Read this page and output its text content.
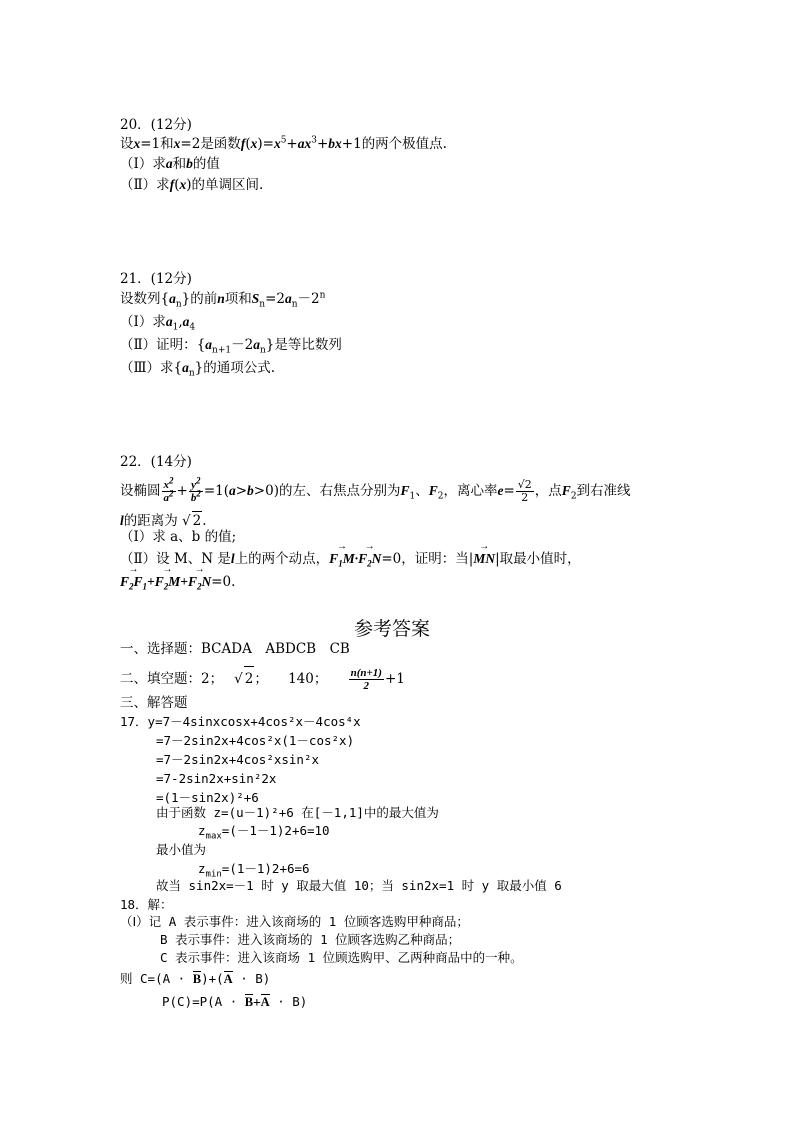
20．(12分)
设x=1和x=2是函数$f(x)=x^5+ax^3+bx+1$的两个极值点.
（Ⅰ）求a和b的值
（Ⅱ）求f(x)的单调区间.
21．(12分)
设数列$\{a_n\}$的前n项和$S_n=2a_n-2^n$
（Ⅰ）求$a_1,a_4$
（Ⅱ）证明：$\{a_{n+1}-2a_n\}$是等比数列
（Ⅲ）求$\{a_n\}$的通项公式.
22．(14分)
设椭圆 $\frac{x^2}{a^2} + \frac{y^2}{b^2} =1(a>b>0)$的左、右焦点分别为$F_1$、$F_2$，离心率$e= \frac{√2}{2}$ ，点$F_2$到右准线
l的距离为 √ 2.
（Ⅰ）求 a、b 的值;
（Ⅱ）设 M、N 是l上的两个动点，→ $F_1M\cdot\to F_2N=0$，证明：当|→ MN|取最小值时，
→ $F_2F_1+\to F_2M+\to F_2N=0$.
参考答案
一、选择题：BCADA　ABDCB　CB
二、填空题：2；　 √ 2；　　140；　　	$\frac{n(n+1)}{2} +1$
三、解答题
17．y=7－4sinxcosx+4cos²x－4cos⁴x
=7－2sin2x+4cos²x(1－cos²x)
=7－2sin2x+4cos²xsin²x
=7-2sin2x+sin²2x
=(1－sin2x)²+6
由于函数 z=(u－1)²+6 在[－1,1]中的最大值为
$z_{max}=(-1-1)2+6=10$
最小值为
$z_{min}=(1-1)2+6=6$
故当 sin2x=－1 时 y 取最大值 10；当 sin2x=1 时 y 取最小值 6
18．解：
（Ⅰ）记 A 表示事件：进入该商场的 1 位顾客选购甲种商品；
B 表示事件：进入该商场的 1 位顾客选购乙种商品；
C 表示事件：进入该商场 1 位顾选购甲、乙两种商品中的一种。
则 C=(A · B)+(A · B)
P(C)=P(A · B+A · B)
